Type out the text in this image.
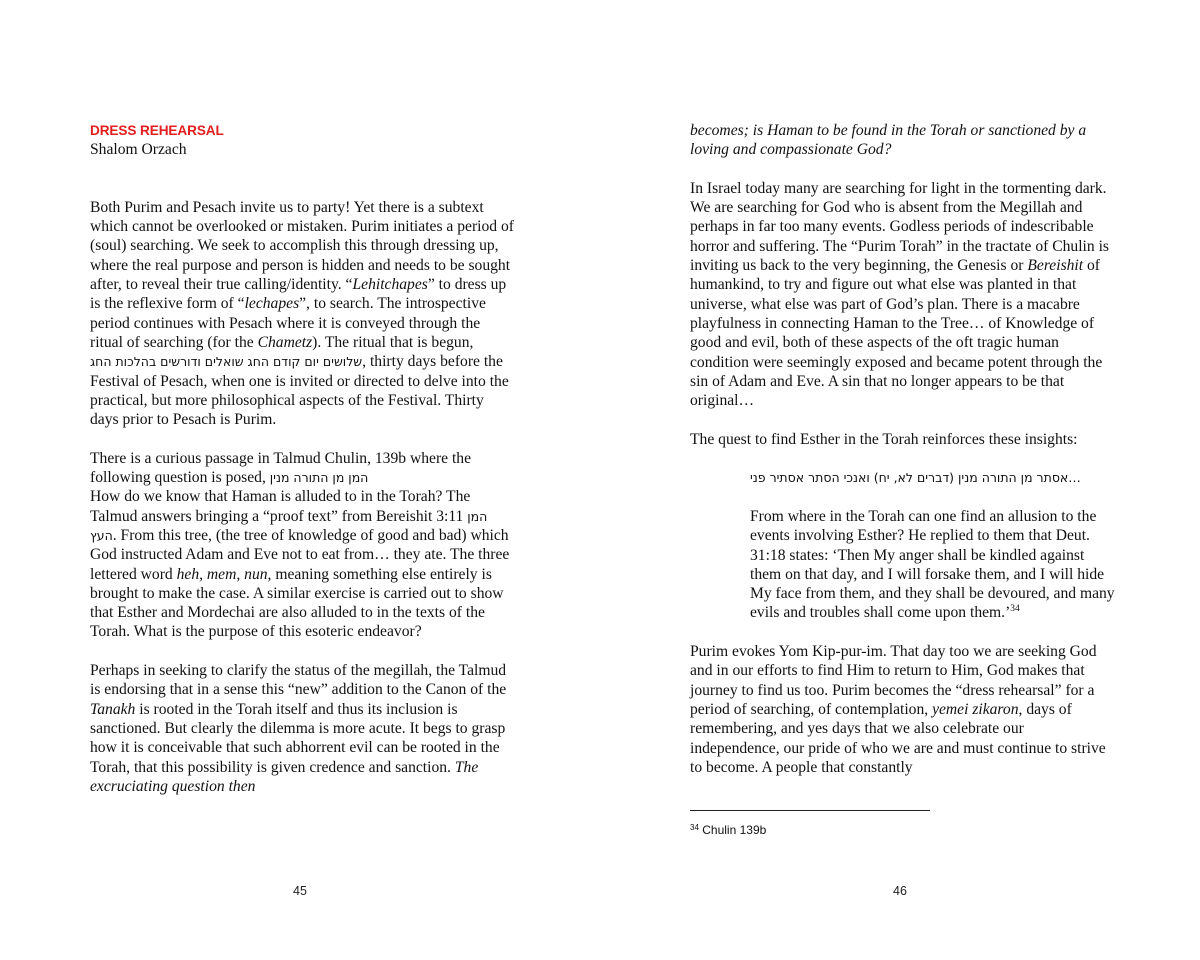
DRESS REHEARSAL

Shalom Orzach

Both Purim and Pesach invite us to party! Yet there is a subtext which cannot be overlooked or mistaken. Purim initiates a period of (soul) searching. We seek to accomplish this through dressing up, where the real purpose and person is hidden and needs to be sought after, to reveal their true calling/identity. “Lehitchapes” to dress up is the reflexive form of “lechapes”, to search. The introspective period continues with Pesach where it is conveyed through the ritual of searching (for the Chametz). The ritual that is begun, שלושים יום קודם החג שואלים ודורשים בהלכות החג, thirty days before the Festival of Pesach, when one is invited or directed to delve into the practical, but more philosophical aspects of the Festival. Thirty days prior to Pesach is Purim.

There is a curious passage in Talmud Chulin, 139b where the following question is posed, המן מן התורה מנין
How do we know that Haman is alluded to in the Torah? The Talmud answers bringing a “proof text” from Bereishit 3:11 המן העץ. From this tree, (the tree of knowledge of good and bad) which God instructed Adam and Eve not to eat from… they ate. The three lettered word heh, mem, nun, meaning something else entirely is brought to make the case. A similar exercise is carried out to show that Esther and Mordechai are also alluded to in the texts of the Torah. What is the purpose of this esoteric endeavor?

Perhaps in seeking to clarify the status of the megillah, the Talmud is endorsing that in a sense this “new” addition to the Canon of the Tanakh is rooted in the Torah itself and thus its inclusion is sanctioned. But clearly the dilemma is more acute. It begs to grasp how it is conceivable that such abhorrent evil can be rooted in the Torah, that this possibility is given credence and sanction. The excruciating question then

45

becomes; is Haman to be found in the Torah or sanctioned by a loving and compassionate God?

In Israel today many are searching for light in the tormenting dark. We are searching for God who is absent from the Megillah and perhaps in far too many events. Godless periods of indescribable horror and suffering. The “Purim Torah” in the tractate of Chulin is inviting us back to the very beginning, the Genesis or Bereishit of humankind, to try and figure out what else was planted in that universe, what else was part of God’s plan. There is a macabre playfulness in connecting Haman to the Tree… of Knowledge of good and evil, both of these aspects of the oft tragic human condition were seemingly exposed and became potent through the sin of Adam and Eve. A sin that no longer appears to be that original…

The quest to find Esther in the Torah reinforces these insights:

…אסתר מן התורה מנין (דברים לא, יח) ואנכי הסתר אסתיר פני

From where in the Torah can one find an allusion to the events involving Esther? He replied to them that Deut. 31:18 states: ‘Then My anger shall be kindled against them on that day, and I will forsake them, and I will hide My face from them, and they shall be devoured, and many evils and troubles shall come upon them.’$^{34}$

Purim evokes Yom Kip-pur-im. That day too we are seeking God and in our efforts to find Him to return to Him, God makes that journey to find us too. Purim becomes the “dress rehearsal” for a period of searching, of contemplation, yemei zikaron, days of remembering, and yes days that we also celebrate our independence, our pride of who we are and must continue to strive to become. A people that constantly

$^{34}$ Chulin 139b
46
